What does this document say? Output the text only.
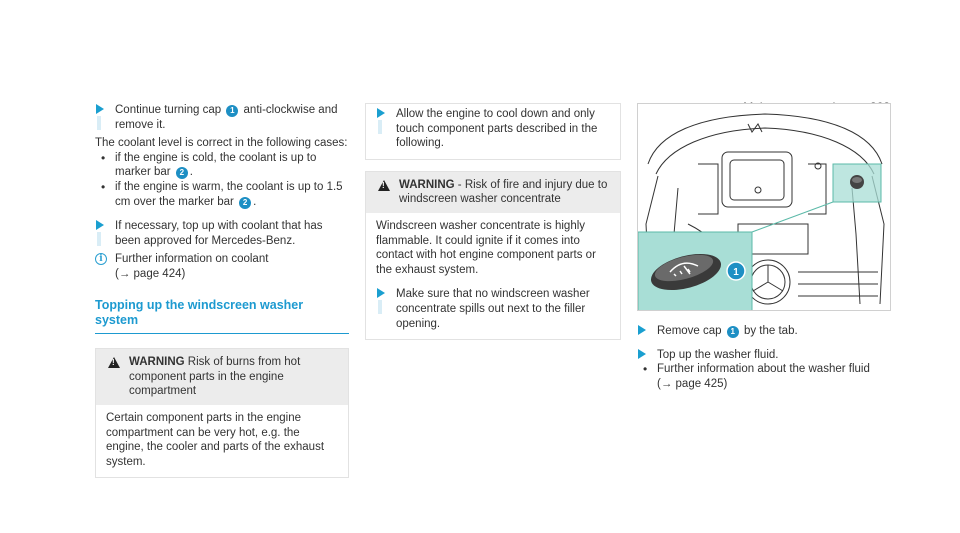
Continue turning cap 1 anti-clockwise and remove it.

The coolant level is correct in the following cases:

• if the engine is cold, the coolant is up to marker bar 2 .
• if the engine is warm, the coolant is up to 1.5 cm over the marker bar 2 .
If necessary, top up with coolant that has been approved for Mercedes-Benz.
i	Further information on coolant
(→ page 424)
Topping up the windscreen washer system
!
WARNING Risk of burns from hot component parts in the engine compartment
Certain component parts in the engine compartment can be very hot, e.g. the engine, the cooler and parts of the exhaust system.
Allow the engine to cool down and only touch component parts described in the following.
!
WARNING - Risk of fire and injury due to windscreen washer concentrate
Windscreen washer concentrate is highly flammable. It could ignite if it comes into contact with hot engine component parts or the exhaust system.
Make sure that no windscreen washer concentrate spills out next to the filler opening.
1
Remove cap 1 by the tab.
Top up the washer fluid.
• Further information about the washer fluid
(→ page 425)
